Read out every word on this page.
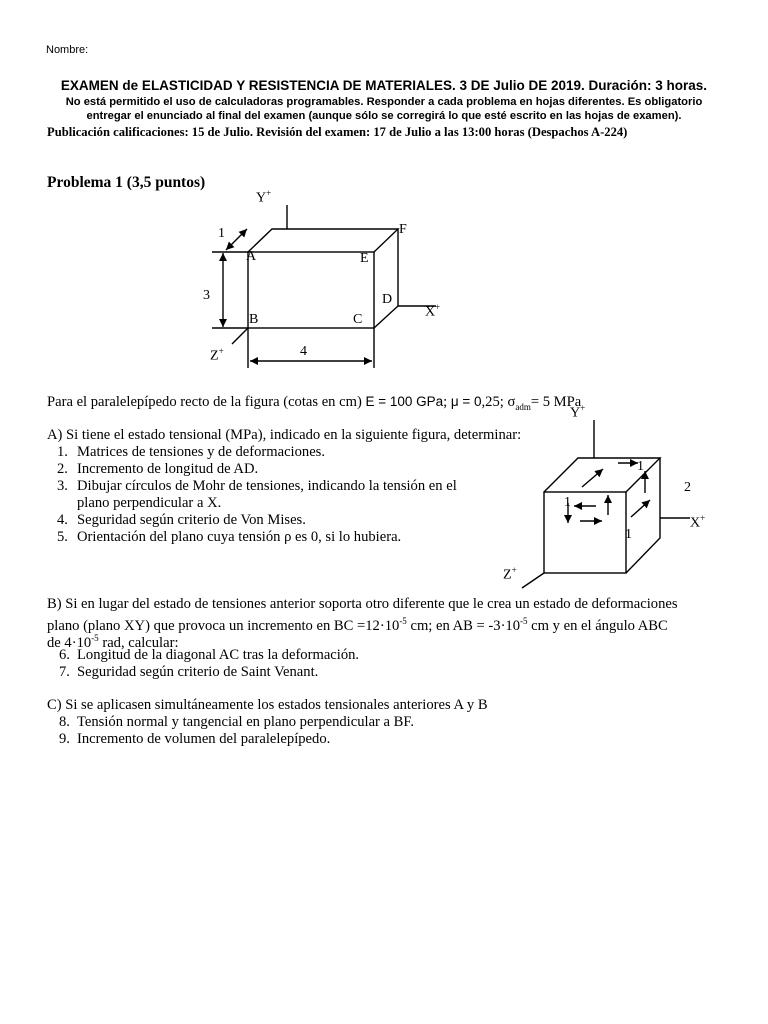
Nombre:
EXAMEN de ELASTICIDAD Y RESISTENCIA DE MATERIALES. 3 DE Julio DE 2019. Duración: 3 horas.
No está permitido el uso de calculadoras programables. Responder a cada problema en hojas diferentes. Es obligatorio
entregar el enunciado al final del examen (aunque sólo se corregirá lo que esté escrito en las hojas de examen).
Publicación calificaciones: 15 de Julio. Revisión del examen: 17 de Julio a las 13:00 horas (Despachos A-224)
Problema 1 (3,5 puntos)
Y+
X+
Z+
1
3
4
A
B	C
D
E
F
Para el paralelepípedo recto de la figura (cotas en cm) E = 100 GPa; μ = 0,25; $\sigma_{adm}= 5$ MPa
Y+
X+
Z+
1
2
1
1
A) Si tiene el estado tensional (MPa), indicado en la siguiente figura, determinar:
1. Matrices de tensiones y de deformaciones.
2. Incremento de longitud de AD.
3. Dibujar círculos de Mohr de tensiones, indicando la tensión en el
plano perpendicular a X.
4. Seguridad según criterio de Von Mises.
5. Orientación del plano cuya tensión ρ es 0, si lo hubiera.
B) Si en lugar del estado de tensiones anterior soporta otro diferente que le crea un estado de deformaciones
plano (plano XY) que provoca un incremento en BC $=12\cdot 10^{-5}$ cm; en AB = $-3\cdot 10^{-5}$ cm y en el ángulo ABC
de $4\cdot 10^{-5}$ rad, calcular:
6. Longitud de la diagonal AC tras la deformación.
7. Seguridad según criterio de Saint Venant.
C) Si se aplicasen simultáneamente los estados tensionales anteriores A y B
8. Tensión normal y tangencial en plano perpendicular a BF.
9. Incremento de volumen del paralelepípedo.
